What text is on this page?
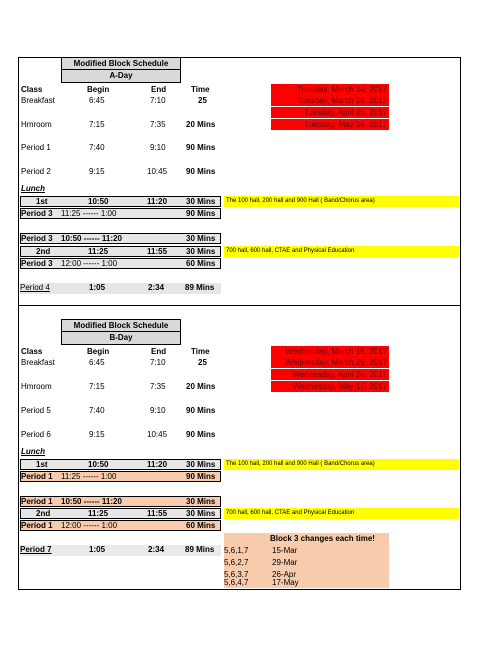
Modified Block Schedule
A-Day
Class	Begin	End	Time
Breakfast	6:45	7:10	25
Hmroom	7:15	7:35	20 Mins
Period 1	7:40	9:10	90 Mins
Period 2	9:15	10:45 90 Mins
Lunch
1st	10:50	11:20 30 Mins
Period 3 11:25 ------ 1:00	90 Mins
Period 3 10:50 ------ 11:20	30 Mins
2nd	11:25	11:55 30 Mins
Period 3 12:00 ------ 1:00	60 Mins
Period 4	1:05	2:34	89 Mins
Tuesday, March 14, 2017
Tuesday, March 28, 2017
Tuesday, April 25, 2017
Tuesday, May 16, 2017
The 100 hall, 200 hall and 900 Hall ( Band/Chorus area)
700 hall, 600 hall, CTAE and Physical Education
Modified Block Schedule
B-Day
Class	Begin	End	Time
Breakfast	6:45	7:10	25
Hmroom	7:15	7:35	20 Mins
Period 5	7:40	9:10	90 Mins
Period 6	9:15	10:45 90 Mins
Lunch
1st	10:50	11:20 30 Mins
Period 1 11:25 ------ 1:00	90 Mins
Period 1 10:50 ------ 11:20	30 Mins
2nd	11:25	11:55 30 Mins
Period 1 12:00 ------ 1:00	60 Mins
Period 7	1:05	2:34	89 Mins
Wednesday, March 15, 2017
Wednesday, March 29, 2017
Wednesday, April 26, 2017
Wednesday, May 17, 2017
The 100 hall, 200 hall and 900 Hall ( Band/Chorus area)
700 hall, 600 hall, CTAE and Physical Education
Block 3 changes each time!
5,6,1,7	15-Mar
5,6,2,7	29-Mar
5,6,3,7	26-Apr
5,6,4,7	17-May
